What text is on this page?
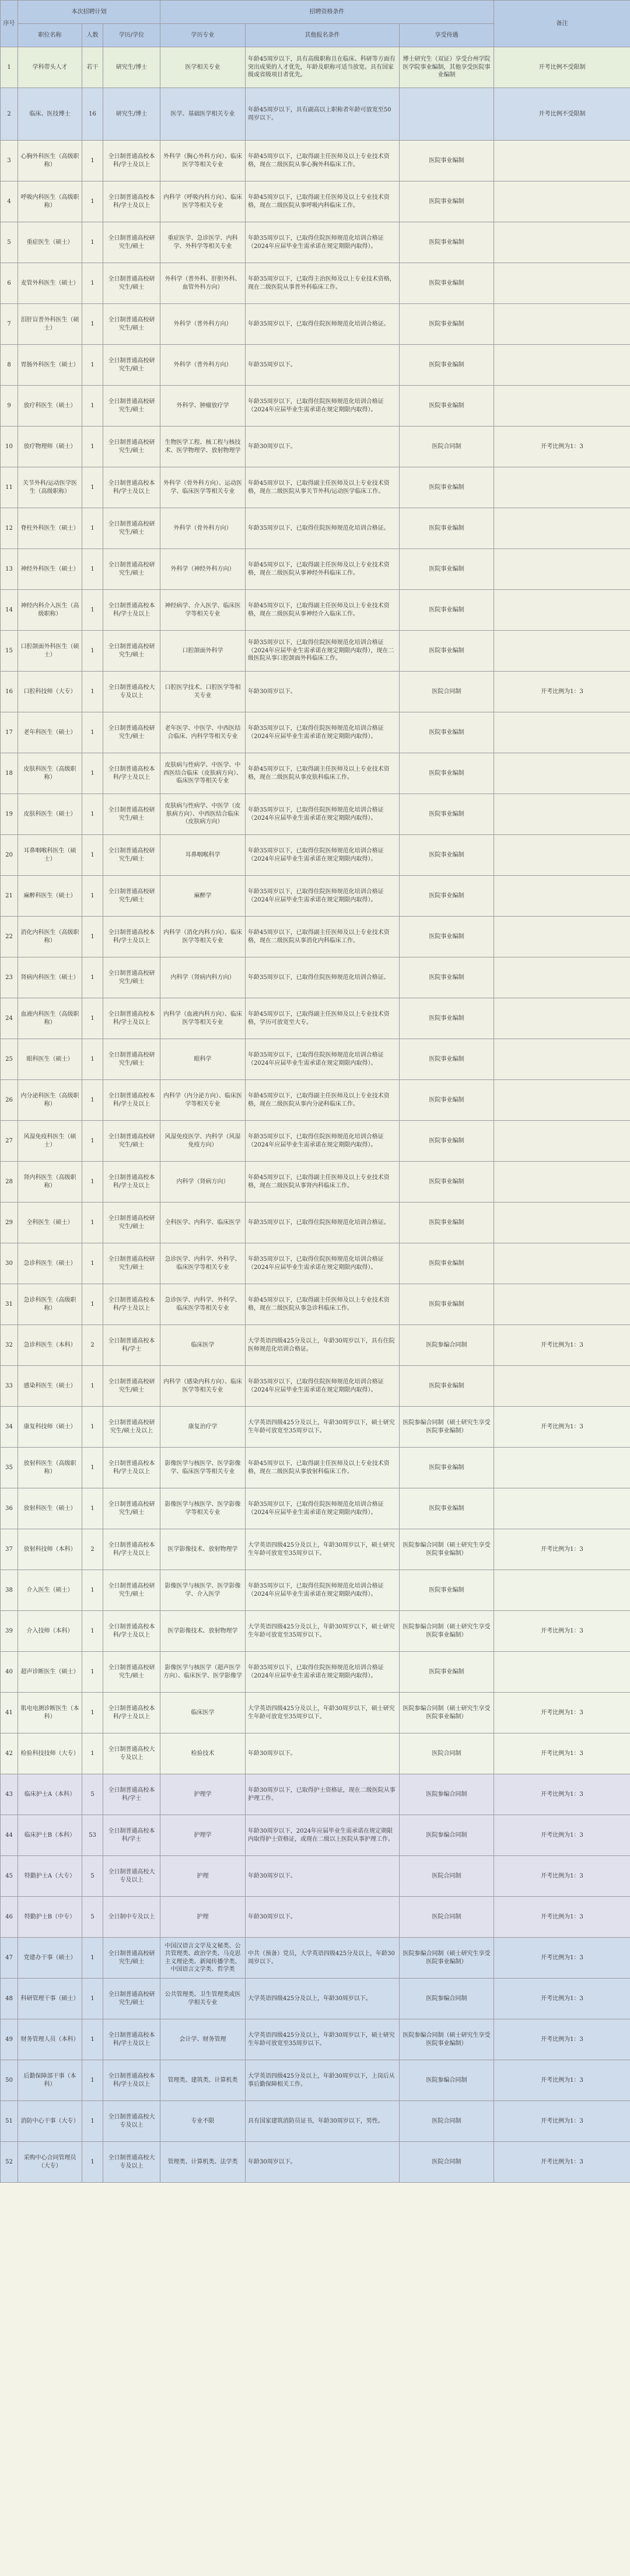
序号	本次招聘计划			招聘资格条件			备注
	职位名称	人数	学历/学位	学历专业	其他报名条件	享受待遇	
1	学科带头人才	若干	研究生/博士	医学相关专业	年龄45周岁以下，具有高级职称且在临床、科研等方面有突出成果的人才优先，年龄及职称可适当放宽。具有国家级或省级项目者优先。	博士研究生（双证）享受台州学院医学院事业编制，其他享受医院事业编制	开考比例不受限制
2	临床、医技博士	16	研究生/博士	医学、基础医学相关专业	年龄45周岁以下，具有副高以上职称者年龄可放宽至50周岁以下。		开考比例不受限制
3	心胸外科医生（高级职称）	1	全日制普通高校本科/学士及以上	外科学（胸心外科方向）、临床医学等相关专业	年龄45周岁以下，已取得副主任医师及以上专业技术资格，现在二级医院从事心胸外科临床工作。	医院事业编制	
4	呼吸内科医生（高级职称）	1	全日制普通高校本科/学士及以上	内科学（呼吸内科方向）、临床医学等相关专业	年龄45周岁以下，已取得副主任医师及以上专业技术资格，现在二级医院从事呼吸内科临床工作。	医院事业编制	
5	重症医生（硕士）	1	全日制普通高校研究生/硕士	重症医学、急诊医学、内科学、外科学等相关专业	年龄35周岁以下，已取得住院医师规范化培训合格证（2024年应届毕业生需承诺在规定期限内取得）。	医院事业编制	
6	麦管外科医生（硕士）	1	全日制普通高校研究生/硕士	外科学（普外科、肝胆外科、血管外科方向）	年龄35周岁以下，已取得主治医师及以上专业技术资格，现在二级医院从事普外科临床工作。	医院事业编制	
7	泪肝盲普外科医生（硕士）	1	全日制普通高校研究生/硕士	外科学（普外科方向）	年龄35周岁以下，已取得住院医师规范化培训合格证。	医院事业编制	
8	胃肠外科医生（硕士）	1	全日制普通高校研究生/硕士	外科学（普外科方向）	年龄35周岁以下。	医院事业编制	
9	放疗科医生（硕士）	1	全日制普通高校研究生/硕士	外科学、肿瘤放疗学	年龄35周岁以下，已取得住院医师规范化培训合格证（2024年应届毕业生需承诺在规定期限内取得）。	医院事业编制	
10	放疗物理师（硕士）	1	全日制普通高校研究生/硕士	生物医学工程、核工程与核技术、医学物理学、放射物理学	年龄30周岁以下。	医院合同制	开考比例为1：3
11	关节外科/运动医学医生（高级职称）	1	全日制普通高校本科/学士及以上	外科学（骨外科方向）、运动医学、临床医学等相关专业	年龄45周岁以下，已取得副主任医师及以上专业技术资格，现在二级医院从事关节外科/运动医学临床工作。	医院事业编制	
12	脊柱外科医生（硕士）	1	全日制普通高校研究生/硕士	外科学（骨外科方向）	年龄35周岁以下，已取得住院医师规范化培训合格证。	医院事业编制	
13	神经外科医生（硕士）	1	全日制普通高校研究生/硕士	外科学（神经外科方向）	年龄45周岁以下，已取得副主任医师及以上专业技术资格，现在二级医院从事神经外科临床工作。	医院事业编制	
14	神经内科介入医生（高级职称）	1	全日制普通高校本科/学士及以上	神经病学、介入医学、临床医学等相关专业	年龄45周岁以下，已取得副主任医师及以上专业技术资格，现在二级医院从事神经介入临床工作。	医院事业编制	
15	口腔颌面外科医生（硕士）	1	全日制普通高校研究生/硕士	口腔颌面外科学	年龄35周岁以下，已取得住院医师规范化培训合格证（2024年应届毕业生需承诺在规定期限内取得），现在二级医院从事口腔颌面外科临床工作。	医院事业编制	
16	口腔科技师（大专）	1	全日制普通高校大专及以上	口腔医学技术、口腔医学等相关专业	年龄30周岁以下。	医院合同制	开考比例为1：3
17	老年科医生（硕士）	1	全日制普通高校研究生/硕士	老年医学、中医学、中西医结合临床、内科学等相关专业	年龄35周岁以下，已取得住院医师规范化培训合格证（2024年应届毕业生需承诺在规定期限内取得）。	医院事业编制	
18	皮肤科医生（高级职称）	1	全日制普通高校本科/学士及以上	皮肤病与性病学、中医学、中西医结合临床（皮肤病方向）、临床医学等相关专业	年龄45周岁以下，已取得副主任医师及以上专业技术资格，现在二级医院从事皮肤科临床工作。	医院事业编制	
19	皮肤科医生（硕士）	1	全日制普通高校研究生/硕士	皮肤病与性病学、中医学（皮肤病方向）、中西医结合临床（皮肤病方向）	年龄35周岁以下，已取得住院医师规范化培训合格证（2024年应届毕业生需承诺在规定期限内取得）。	医院事业编制	
20	耳鼻咽喉科医生（硕士）	1	全日制普通高校研究生/硕士	耳鼻咽喉科学	年龄35周岁以下，已取得住院医师规范化培训合格证（2024年应届毕业生需承诺在规定期限内取得）。	医院事业编制	
21	麻醉科医生（硕士）	1	全日制普通高校研究生/硕士	麻醉学	年龄35周岁以下，已取得住院医师规范化培训合格证（2024年应届毕业生需承诺在规定期限内取得）。	医院事业编制	
22	消化内科医生（高级职称）	1	全日制普通高校本科/学士及以上	内科学（消化内科方向）、临床医学等相关专业	年龄45周岁以下，已取得副主任医师及以上专业技术资格，现在二级医院从事消化内科临床工作。	医院事业编制	
23	肾病内科医生（硕士）	1	全日制普通高校研究生/硕士	内科学（肾病内科方向）	年龄35周岁以下，已取得住院医师规范化培训合格证。	医院事业编制	
24	血液内科医生（高级职称）	1	全日制普通高校本科/学士及以上	内科学（血液内科方向）、临床医学等相关专业	年龄45周岁以下，已取得副主任医师及以上专业技术资格，学历可放宽至大专。	医院事业编制	
25	眼科医生（硕士）	1	全日制普通高校研究生/硕士	眼科学	年龄35周岁以下，已取得住院医师规范化培训合格证（2024年应届毕业生需承诺在规定期限内取得）。	医院事业编制	
26	内分泌科医生（高级职称）	1	全日制普通高校本科/学士及以上	内科学（内分泌方向）、临床医学等相关专业	年龄45周岁以下，已取得副主任医师及以上专业技术资格，现在二级医院从事内分泌科临床工作。	医院事业编制	
27	风湿免疫科医生（硕士）	1	全日制普通高校研究生/硕士	风湿免疫医学、内科学（风湿免疫方向）	年龄35周岁以下，已取得住院医师规范化培训合格证（2024年应届毕业生需承诺在规定期限内取得）。	医院事业编制	
28	肾内科医生（高级职称）	1	全日制普通高校本科/学士及以上	内科学（肾病方向）	年龄45周岁以下，已取得副主任医师及以上专业技术资格，现在二级医院从事肾内科临床工作。	医院事业编制	
29	全科医生（硕士）	1	全日制普通高校研究生/硕士	全科医学、内科学、临床医学	年龄35周岁以下，已取得住院医师规范化培训合格证。	医院事业编制	
30	急诊科医生（硕士）	1	全日制普通高校研究生/硕士	急诊医学、内科学、外科学、临床医学等相关专业	年龄35周岁以下，已取得住院医师规范化培训合格证（2024年应届毕业生需承诺在规定期限内取得）。	医院事业编制	
31	急诊科医生（高级职称）	1	全日制普通高校本科/学士及以上	急诊医学、内科学、外科学、临床医学等相关专业	年龄45周岁以下，已取得副主任医师及以上专业技术资格，现在二级医院从事急诊科临床工作。	医院事业编制	
32	急诊科医生（本科）	2	全日制普通高校本科/学士	临床医学	大学英语四级425分及以上，年龄30周岁以下，具有住院医师规范化培训合格证。	医院参编合同制	开考比例为1：3
33	感染科医生（硕士）	1	全日制普通高校研究生/硕士	内科学（感染内科方向）、临床医学等相关专业	年龄35周岁以下，已取得住院医师规范化培训合格证（2024年应届毕业生需承诺在规定期限内取得）。	医院事业编制	
34	康复科技师（硕士）	1	全日制普通高校研究生/硕士及以上	康复治疗学	大学英语四级425分及以上，年龄30周岁以下，硕士研究生年龄可放宽至35周岁以下。	医院参编合同制（硕士研究生享受医院事业编制）	开考比例为1：3
35	放射科医生（高级职称）	1	全日制普通高校本科/学士及以上	影像医学与核医学、医学影像学、临床医学等相关专业	年龄45周岁以下，已取得副主任医师及以上专业技术资格，现在二级医院从事放射科临床工作。	医院事业编制	
36	放射科医生（硕士）	1	全日制普通高校研究生/硕士	影像医学与核医学、医学影像学等相关专业	年龄35周岁以下，已取得住院医师规范化培训合格证（2024年应届毕业生需承诺在规定期限内取得）。	医院事业编制	
37	放射科技师（本科）	2	全日制普通高校本科/学士及以上	医学影像技术、放射物理学	大学英语四级425分及以上，年龄30周岁以下，硕士研究生年龄可放宽至35周岁以下。	医院参编合同制（硕士研究生享受医院事业编制）	开考比例为1：3
38	介入医生（硕士）	1	全日制普通高校研究生/硕士	影像医学与核医学、医学影像学、介入医学	年龄35周岁以下，已取得住院医师规范化培训合格证（2024年应届毕业生需承诺在规定期限内取得）。	医院事业编制	
39	介入技师（本科）	1	全日制普通高校本科/学士及以上	医学影像技术、放射物理学	大学英语四级425分及以上，年龄30周岁以下，硕士研究生年龄可放宽至35周岁以下。	医院参编合同制（硕士研究生享受医院事业编制）	开考比例为1：3
40	超声诊断医生（硕士）	1	全日制普通高校研究生/硕士	影像医学与核医学（超声医学方向）、临床医学、医学影像学	年龄35周岁以下，已取得住院医师规范化培训合格证（2024年应届毕业生需承诺在规定期限内取得）。	医院事业编制	
41	肌电电测诊断医生（本科）	1	全日制普通高校本科/学士及以上	临床医学	大学英语四级425分及以上，年龄30周岁以下，硕士研究生年龄可放宽至35周岁以下。	医院参编合同制（硕士研究生享受医院事业编制）	开考比例为1：3
42	检验科技技师（大专）	1	全日制普通高校大专及以上	检验技术	年龄30周岁以下。	医院合同制	开考比例为1：3
43	临床护士A（本科）	5	全日制普通高校本科/学士	护理学	年龄30周岁以下，已取得护士资格证，现在二级医院从事护理工作。	医院参编合同制	开考比例为1：3
44	临床护士B（本科）	53	全日制普通高校本科/学士	护理学	年龄30周岁以下，2024年应届毕业生需承诺在规定期限内取得护士资格证，或现在二级以上医院从事护理工作。	医院参编合同制	开考比例为1：3
45	特勤护士A（大专）	5	全日制普通高校大专及以上	护理	年龄30周岁以下。	医院合同制	开考比例为1：3
46	特勤护士B（中专）	5	全日制中专及以上	护理	年龄30周岁以下。	医院合同制	开考比例为1：3
47	党建办干事（硕士）	1	全日制普通高校研究生/硕士	中国汉语言文学及文秘类、公共管理类、政治学类、马克思主义理论类、新闻传播学类、中国语言文学类、哲学类	中共（预备）党员，大学英语四级425分及以上，年龄30周岁以下。	医院参编合同制（硕士研究生享受医院事业编制）	开考比例为1：3
48	科研管理干事（硕士）	1	全日制普通高校研究生/硕士	公共管理类、卫生管理类或医学相关专业	大学英语四级425分及以上，年龄30周岁以下。	医院参编合同制	开考比例为1：3
49	财务管理人员（本科）	1	全日制普通高校本科/学士及以上	会计学、财务管理	大学英语四级425分及以上，年龄30周岁以下，硕士研究生年龄可放宽至35周岁以下。	医院参编合同制（硕士研究生享受医院事业编制）	开考比例为1：3
50	后勤保障部干事（本科）	1	全日制普通高校本科/学士及以上	管理类、建筑类、计算机类	大学英语四级425分及以上，年龄30周岁以下，上岗后从事后勤保障相关工作。	医院参编合同制	开考比例为1：3
51	消防中心干事（大专）	1	全日制普通高校大专及以上	专业不限	具有国家建筑消防员证书，年龄30周岁以下，男性。	医院合同制	开考比例为1：3
52	采购中心合同管理员（大专）	1	全日制普通高校大专及以上	管理类、计算机类、法学类	年龄30周岁以下。	医院合同制	开考比例为1：3
